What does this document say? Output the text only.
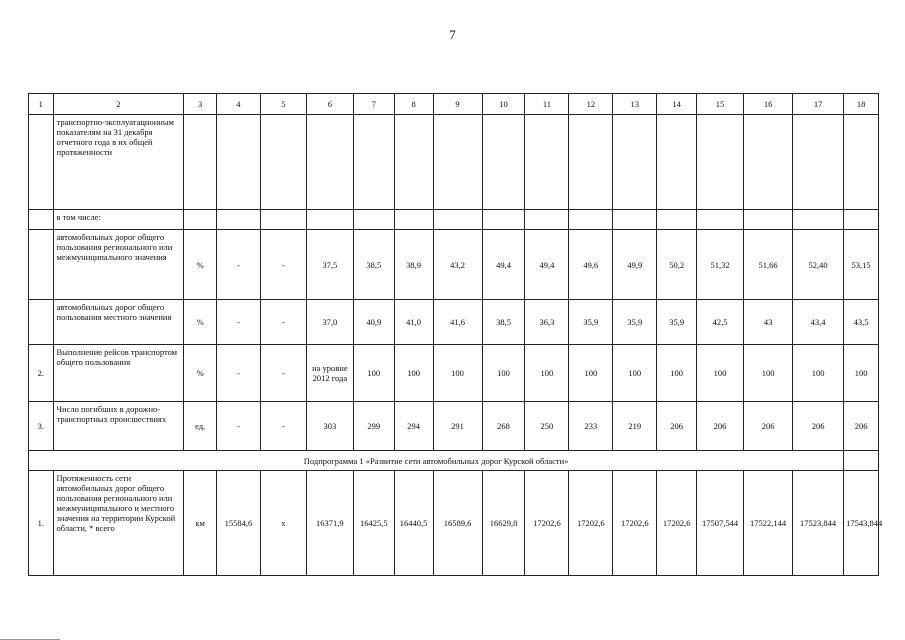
7
1	2	3	4	5	6	7	8	9	10	11	12	13	14	15	16	17	18
	транспортно-эксплуатационным показателям на 31 декабря отчетного года в их общей протяженности																
	в том числе:																
	автомобильных дорог общего пользования регионального или межмуниципального значения	%	-	-	37,5	38,5	38,9	43,2	49,4	49,4	49,6	49,9	50,2	51,32	51,66	52,40	53,15
	автомобильных дорог общего пользования местного значения	%	-	-	37,0	40,9	41,0	41,6	38,5	36,3	35,9	35,9	35,9	42,5	43	43,4	43,5
2.	Выполнение рейсов транспортом общего пользования	%	-	-	на уровне 2012 года	100	100	100	100	100	100	100	100	100	100	100	100
3.	Число погибших в дорожно-транспортных происшествиях	ед.	-	-	303	299	294	291	268	250	233	219	206	206	206	206	206
Подпрограмма 1 «Развитие сети автомобильных дорог Курской области»																	
1.	Протяженность сети автомобильных дорог общего пользования регионального или межмуниципального и местного значения на территории Курской области, * всего	км	15584,6	х	16371,9	16425,5	16440,5	16589,6	16629,8	17202,6	17202,6	17202,6	17202,6	17507,544	17522,144	17523,844	17543,844
